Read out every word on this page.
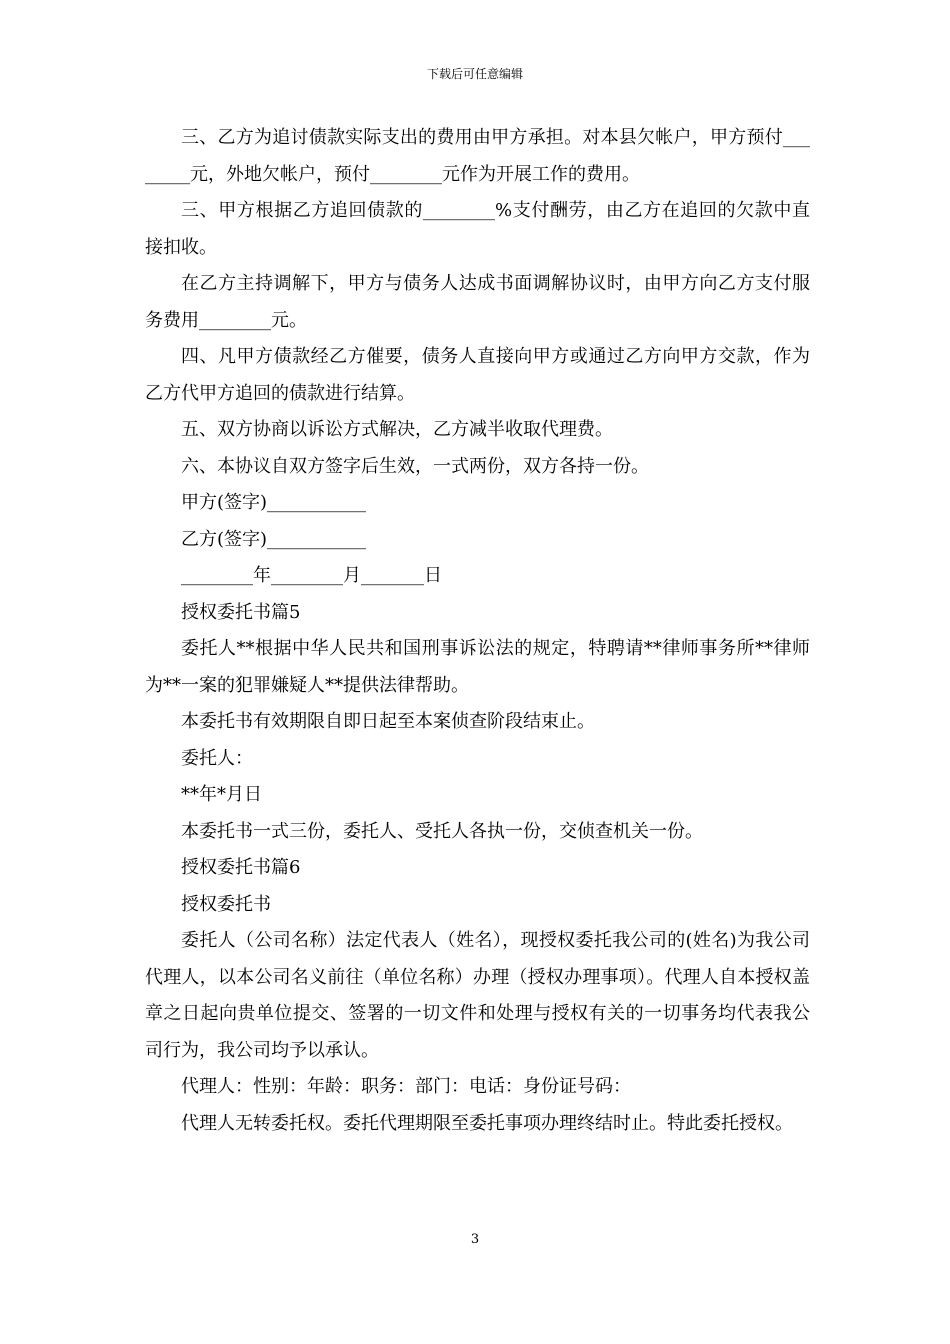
下载后可任意编辑

三、乙方为追讨债款实际支出的费用由甲方承担。对本县欠帐户，甲方预付________元，外地欠帐户，预付________元作为开展工作的费用。

三、甲方根据乙方追回债款的________%支付酬劳，由乙方在追回的欠款中直接扣收。

在乙方主持调解下，甲方与债务人达成书面调解协议时，由甲方向乙方支付服务费用________元。

四、凡甲方债款经乙方催要，债务人直接向甲方或通过乙方向甲方交款，作为乙方代甲方追回的债款进行结算。

五、双方协商以诉讼方式解决，乙方减半收取代理费。

六、本协议自双方签字后生效，一式两份，双方各持一份。

甲方(签字)___________

乙方(签字)___________

________年________月_______日

授权委托书篇5

委托人**根据中华人民共和国刑事诉讼法的规定，特聘请**律师事务所**律师为**一案的犯罪嫌疑人**提供法律帮助。

本委托书有效期限自即日起至本案侦查阶段结束止。

委托人：

**年*月日

本委托书一式三份，委托人、受托人各执一份，交侦查机关一份。

授权委托书篇6

授权委托书

委托人（公司名称）法定代表人（姓名），现授权委托我公司的(姓名)为我公司代理人，以本公司名义前往（单位名称）办理（授权办理事项）。代理人自本授权盖章之日起向贵单位提交、签署的一切文件和处理与授权有关的一切事务均代表我公司行为，我公司均予以承认。

代理人：性别：年龄：职务：部门：电话：身份证号码：

代理人无转委托权。委托代理期限至委托事项办理终结时止。特此委托授权。

3
